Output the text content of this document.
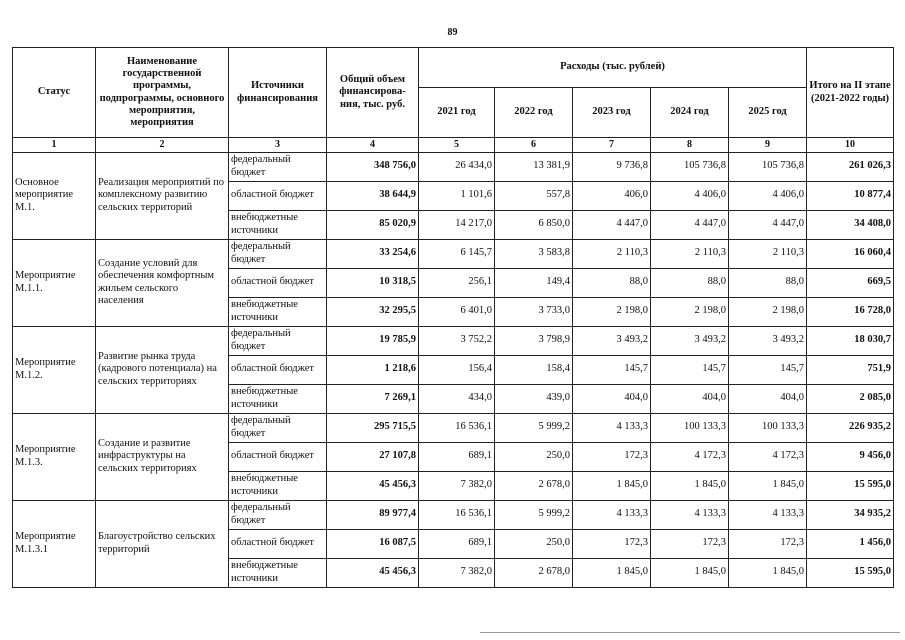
89
Статус	Наименование государственной программы, подпрограммы, основного мероприятия, мероприятия	Источники финансирования	Общий объем финансирова-ния, тыс. руб.	Расходы (тыс. рублей)					Итого на II этапе (2021-2022 годы)
				2021 год	2022 год	2023 год	2024 год	2025 год	
1	2	3	4	5	6	7	8	9	10
Основное мероприятие М.1.	Реализация мероприятий по комплексному развитию сельских территорий	федеральный бюджет	348 756,0	26 434,0	13 381,9	9 736,8	105 736,8	105 736,8	261 026,3
		областной бюджет	38 644,9	1 101,6	557,8	406,0	4 406,0	4 406,0	10 877,4
		внебюджетные источники	85 020,9	14 217,0	6 850,0	4 447,0	4 447,0	4 447,0	34 408,0
Мероприятие М.1.1.	Создание условий для обеспечения комфортным жильем сельского населения	федеральный бюджет	33 254,6	6 145,7	3 583,8	2 110,3	2 110,3	2 110,3	16 060,4
		областной бюджет	10 318,5	256,1	149,4	88,0	88,0	88,0	669,5
		внебюджетные источники	32 295,5	6 401,0	3 733,0	2 198,0	2 198,0	2 198,0	16 728,0
Мероприятие М.1.2.	Развитие рынка труда (кадрового потенциала) на сельских территориях	федеральный бюджет	19 785,9	3 752,2	3 798,9	3 493,2	3 493,2	3 493,2	18 030,7
		областной бюджет	1 218,6	156,4	158,4	145,7	145,7	145,7	751,9
		внебюджетные источники	7 269,1	434,0	439,0	404,0	404,0	404,0	2 085,0
Мероприятие М.1.3.	Создание и развитие инфраструктуры на сельских территориях	федеральный бюджет	295 715,5	16 536,1	5 999,2	4 133,3	100 133,3	100 133,3	226 935,2
		областной бюджет	27 107,8	689,1	250,0	172,3	4 172,3	4 172,3	9 456,0
		внебюджетные источники	45 456,3	7 382,0	2 678,0	1 845,0	1 845,0	1 845,0	15 595,0
Мероприятие М.1.3.1	Благоустройство сельских территорий	федеральный бюджет	89 977,4	16 536,1	5 999,2	4 133,3	4 133,3	4 133,3	34 935,2
		областной бюджет	16 087,5	689,1	250,0	172,3	172,3	172,3	1 456,0
		внебюджетные источники	45 456,3	7 382,0	2 678,0	1 845,0	1 845,0	1 845,0	15 595,0
